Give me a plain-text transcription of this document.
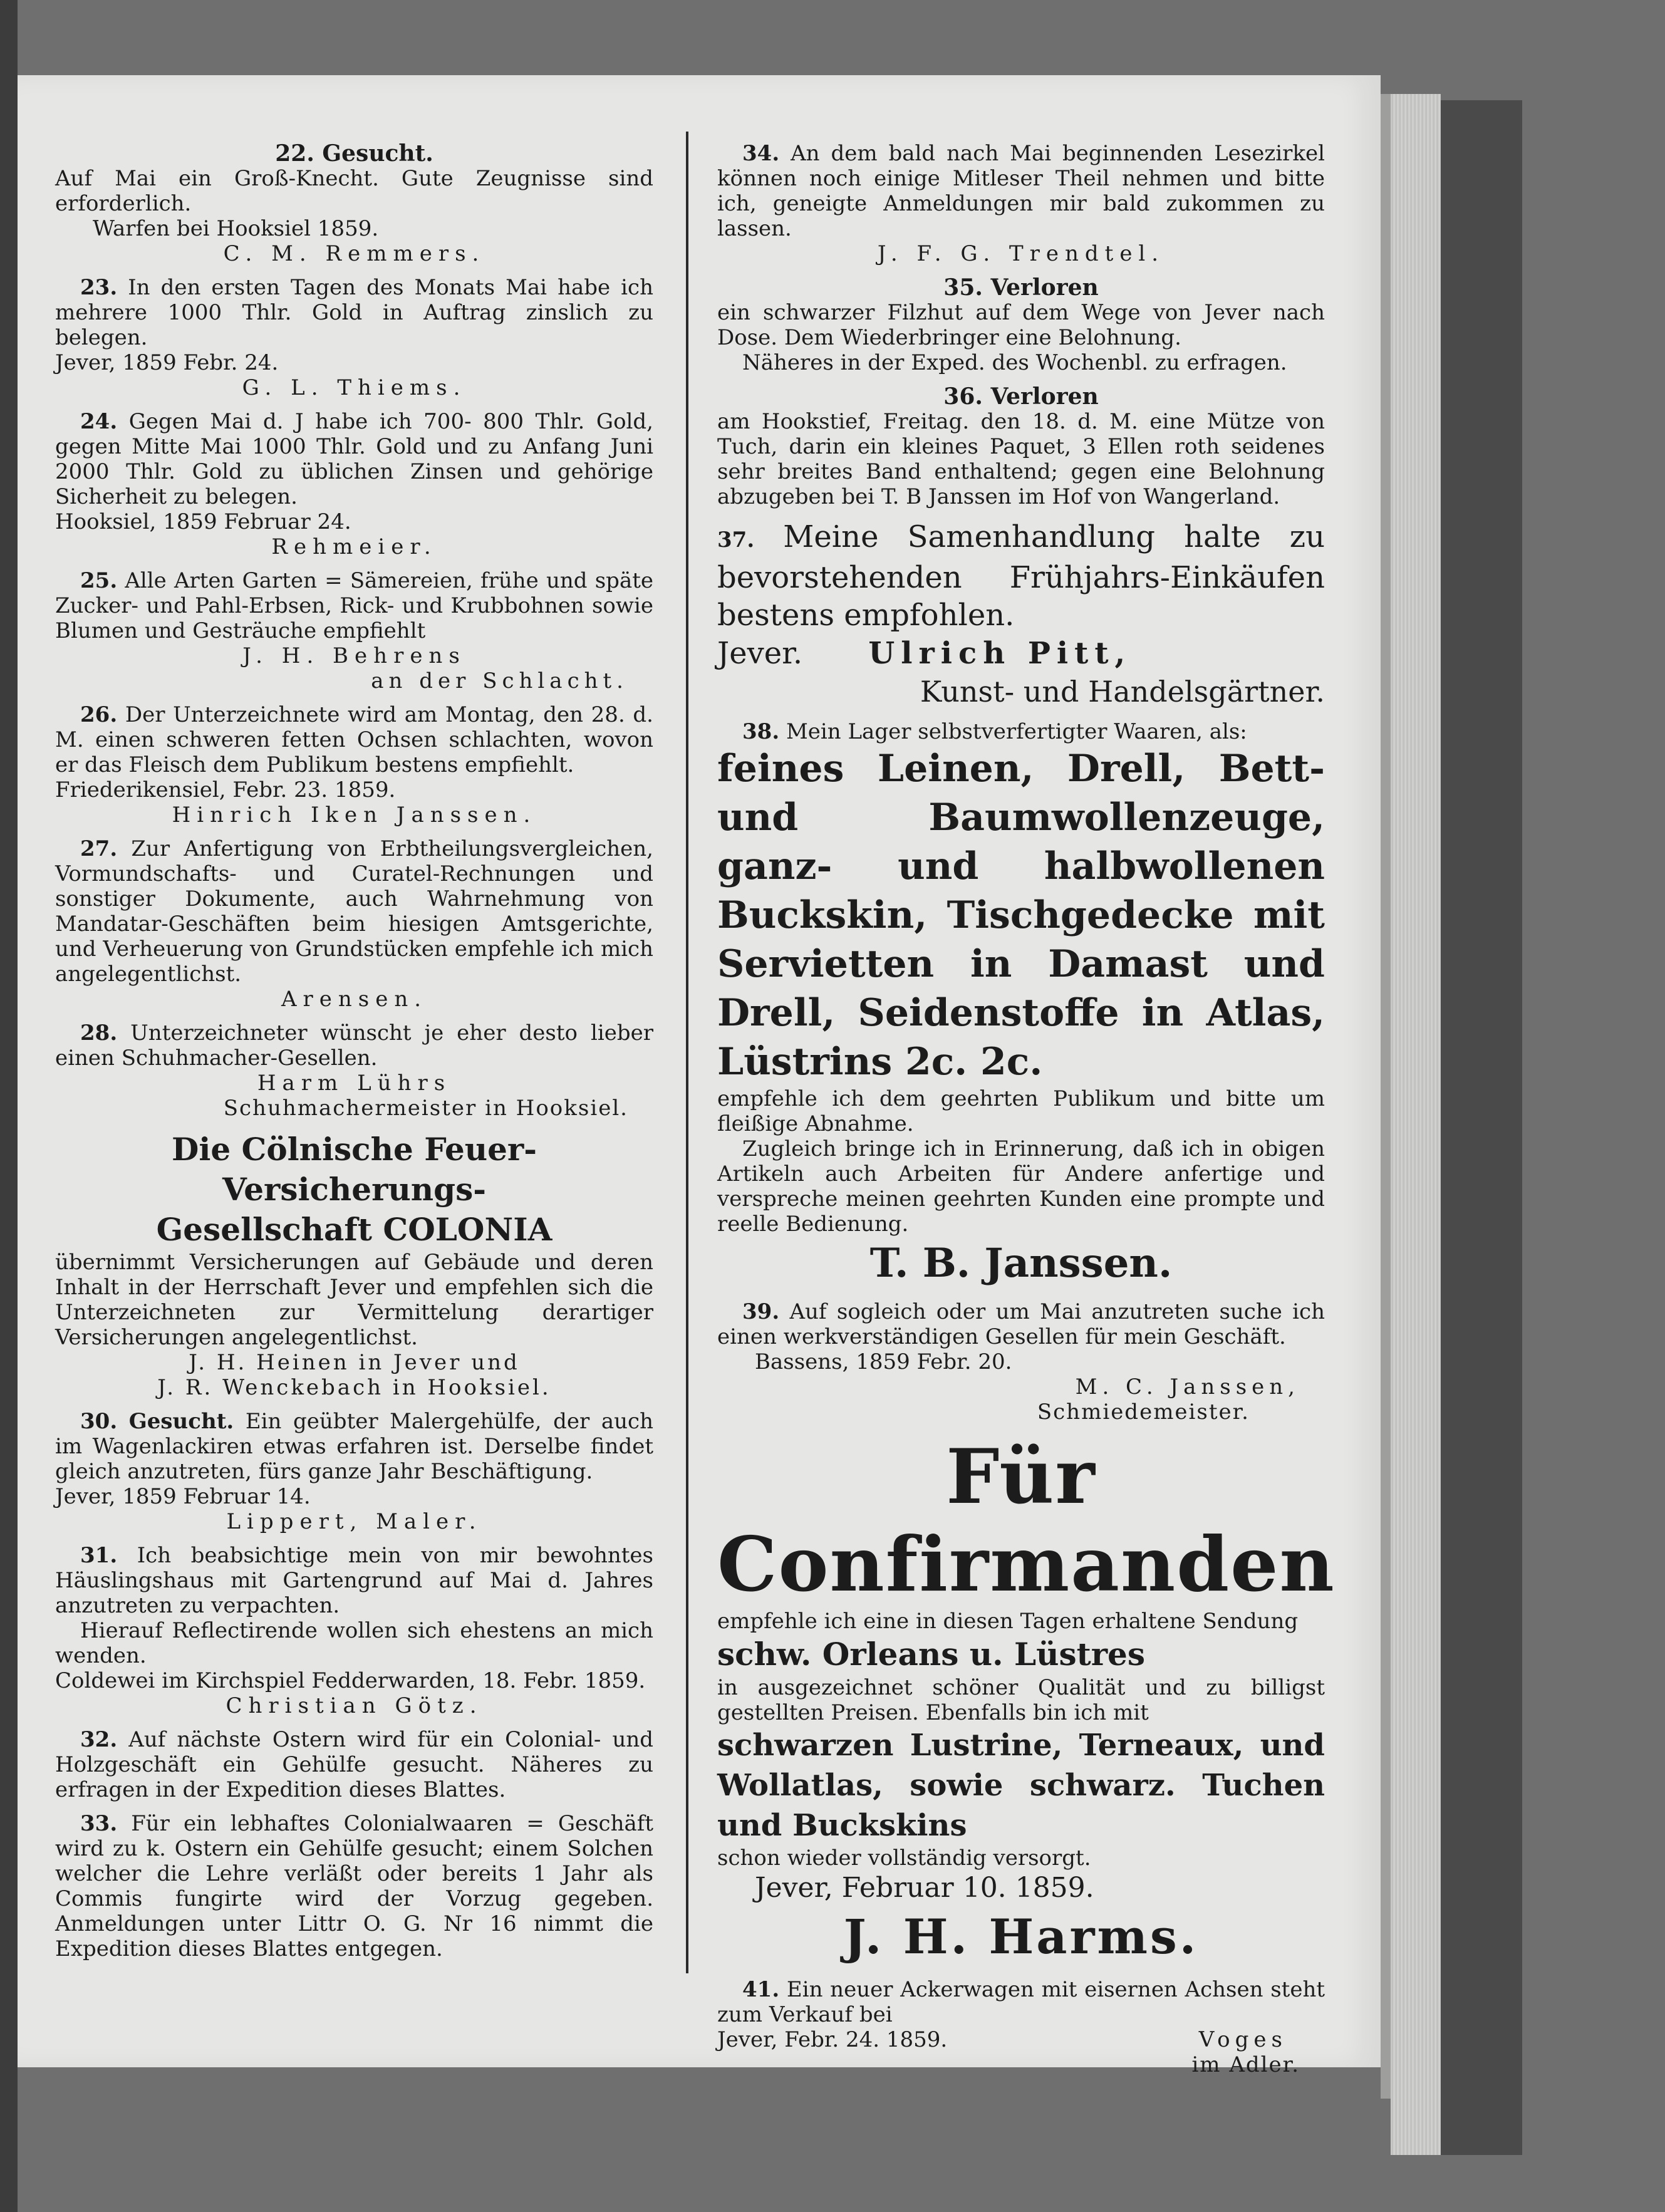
22. Gesucht.

Auf Mai ein Groß-Knecht. Gute Zeugnisse sind erforderlich.

Warfen bei Hooksiel 1859.

C. M. Remmers.

23. In den ersten Tagen des Monats Mai habe ich mehrere 1000 Thlr. Gold in Auftrag zinslich zu belegen.

Jever, 1859 Febr. 24.

G. L. Thiems.

24. Gegen Mai d. J habe ich 700- 800 Thlr. Gold, gegen Mitte Mai 1000 Thlr. Gold und zu Anfang Juni 2000 Thlr. Gold zu üblichen Zinsen und gehörige Sicherheit zu belegen.

Hooksiel, 1859 Februar 24.

Rehmeier.

25. Alle Arten Garten = Sämereien, frühe und späte Zucker- und Pahl-Erbsen, Rick- und Krubbohnen sowie Blumen und Gesträuche empfiehlt

J. H. Behrens

an der Schlacht.

26. Der Unterzeichnete wird am Montag, den 28. d. M. einen schweren fetten Ochsen schlachten, wovon er das Fleisch dem Publikum bestens empfiehlt.

Friederikensiel, Febr. 23. 1859.

Hinrich Iken Janssen.

27. Zur Anfertigung von Erbtheilungsvergleichen, Vormundschafts- und Curatel-Rechnungen und sonstiger Dokumente, auch Wahrnehmung von Mandatar-Geschäften beim hiesigen Amtsgerichte, und Verheuerung von Grundstücken empfehle ich mich angelegentlichst.

Arensen.

28. Unterzeichneter wünscht je eher desto lieber einen Schuhmacher-Gesellen.

Harm Lührs

Schuhmachermeister in Hooksiel.

Die Cölnische Feuer-Versicherungs-

Gesellschaft COLONIA

übernimmt Versicherungen auf Gebäude und deren Inhalt in der Herrschaft Jever und empfehlen sich die Unterzeichneten zur Vermittelung derartiger Versicherungen angelegentlichst.

J. H. Heinen in Jever und

J. R. Wenckebach in Hooksiel.

30. Gesucht. Ein geübter Malergehülfe, der auch im Wagenlackiren etwas erfahren ist. Derselbe findet gleich anzutreten, fürs ganze Jahr Beschäftigung.

Jever, 1859 Februar 14.

Lippert, Maler.

31. Ich beabsichtige mein von mir bewohntes Häuslingshaus mit Gartengrund auf Mai d. Jahres anzutreten zu verpachten.

Hierauf Reflectirende wollen sich ehestens an mich wenden.

Coldewei im Kirchspiel Fedderwarden, 18. Febr. 1859.

Christian Götz.

32. Auf nächste Ostern wird für ein Colonial- und Holzgeschäft ein Gehülfe gesucht. Näheres zu erfragen in der Expedition dieses Blattes.

33. Für ein lebhaftes Colonialwaaren = Geschäft wird zu k. Ostern ein Gehülfe gesucht; einem Solchen welcher die Lehre verläßt oder bereits 1 Jahr als Commis fungirte wird der Vorzug gegeben. Anmeldungen unter Littr O. G. Nr 16 nimmt die Expedition dieses Blattes entgegen.

34. An dem bald nach Mai beginnenden Lesezirkel können noch einige Mitleser Theil nehmen und bitte ich, geneigte Anmeldungen mir bald zukommen zu lassen.

J. F. G. Trendtel.

35. Verloren

ein schwarzer Filzhut auf dem Wege von Jever nach Dose. Dem Wiederbringer eine Belohnung.

Näheres in der Exped. des Wochenbl. zu erfragen.

36. Verloren

am Hookstief, Freitag. den 18. d. M. eine Mütze von Tuch, darin ein kleines Paquet, 3 Ellen roth seidenes sehr breites Band enthaltend; gegen eine Belohnung abzugeben bei T. B Janssen im Hof von Wangerland.

37. Meine Samenhandlung halte zu bevorstehenden Frühjahrs-Einkäufen bestens empfohlen.

Jever. Ulrich Pitt,

Kunst- und Handelsgärtner.

38. Mein Lager selbstverfertigter Waaren, als:

feines Leinen, Drell, Bett- und Baumwollenzeuge, ganz- und halbwollenen Buckskin, Tischgedecke mit Servietten in Damast und Drell, Seidenstoffe in Atlas, Lüstrins 2c. 2c.

empfehle ich dem geehrten Publikum und bitte um fleißige Abnahme.

Zugleich bringe ich in Erinnerung, daß ich in obigen Artikeln auch Arbeiten für Andere anfertige und verspreche meinen geehrten Kunden eine prompte und reelle Bedienung.

T. B. Janssen.

39. Auf sogleich oder um Mai anzutreten suche ich einen werkverständigen Gesellen für mein Geschäft.

Bassens, 1859 Febr. 20.

M. C. Janssen,

Schmiedemeister.

Für Confirmanden

empfehle ich eine in diesen Tagen erhaltene Sendung

schw. Orleans u. Lüstres

in ausgezeichnet schöner Qualität und zu billigst gestellten Preisen. Ebenfalls bin ich mit

schwarzen Lustrine, Terneaux, und Wollatlas, sowie schwarz. Tuchen und Buckskins

schon wieder vollständig versorgt.

Jever, Februar 10. 1859.

J. H. Harms.

41. Ein neuer Ackerwagen mit eisernen Achsen steht zum Verkauf bei

Jever, Febr. 24. 1859.	Voges

im Adler.
